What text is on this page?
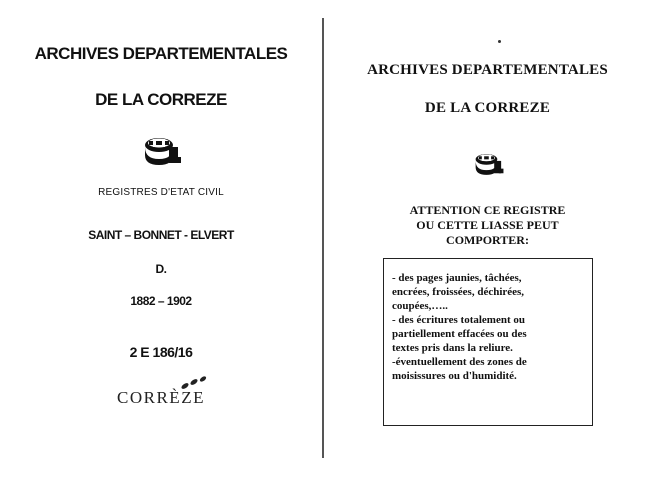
ARCHIVES DEPARTEMENTALES
DE LA CORREZE
REGISTRES D'ETAT CIVIL
SAINT – BONNET - ELVERT
D.
1882 – 1902
2 E 186/16
CORRÈZE
ARCHIVES DEPARTEMENTALES
DE LA CORREZE
ATTENTION CE REGISTRE
OU CETTE LIASSE PEUT
COMPORTER:
- des pages jaunies, tâchées,
encrées, froissées, déchirées,
coupées,…..
- des écritures totalement ou
partiellement effacées ou des
textes pris dans la reliure.
-éventuellement des zones de
moisissures ou d'humidité.
